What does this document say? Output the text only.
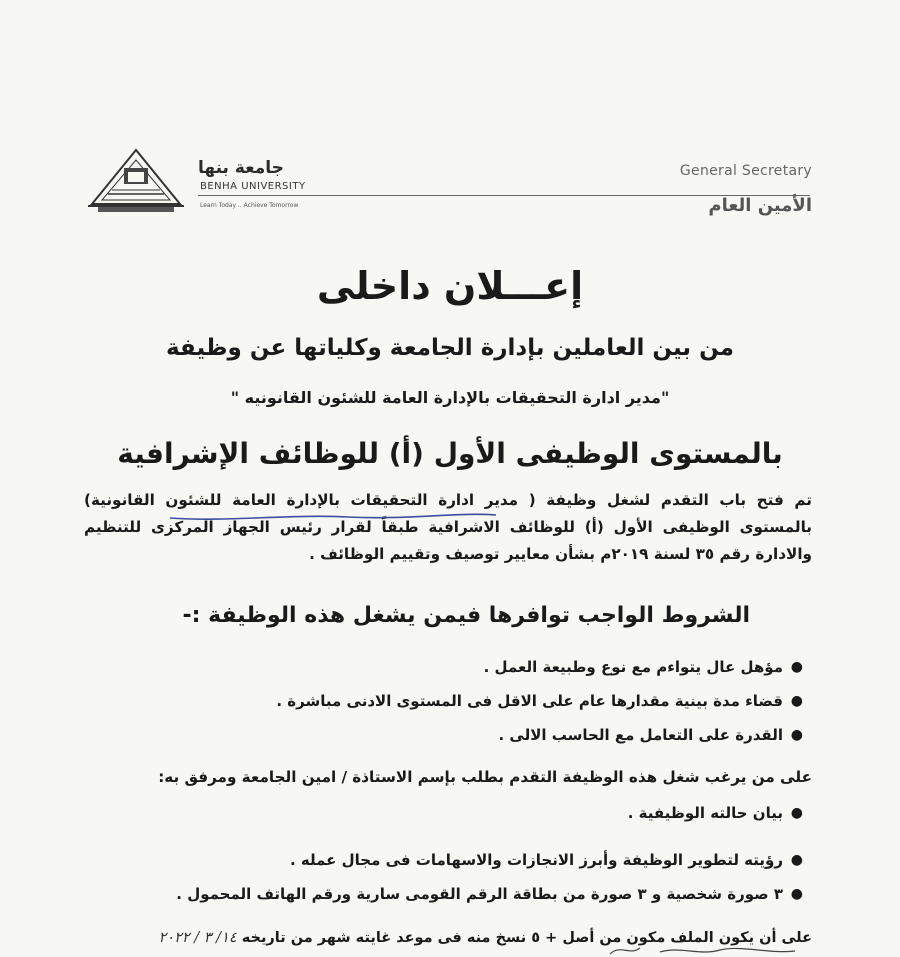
جامعة بنها
BENHA UNIVERSITY
Learn Today .. Achieve Tomorrow
General Secretary
الأمين العام
إعـــلان داخلى
من بين العاملين بإدارة الجامعة وكلياتها عن وظيفة
"مدير ادارة التحقيقات بالإدارة العامة للشئون القانونيه "
بالمستوى الوظيفى الأول (أ) للوظائف الإشرافية
تم فتح باب التقدم لشغل وظيفة ( مدير ادارة التحقيقات بالإدارة العامة للشئون القانونية) بالمستوى الوظيفى الأول (أ) للوظائف الاشرافية طبقاً لقرار رئيس الجهاز المركزى للتنظيم والادارة رقم ٣٥ لسنة ٢٠١٩م بشأن معايير توصيف وتقييم الوظائف .
الشروط الواجب توافرها فيمن يشغل هذه الوظيفة :-
●
مؤهل عال يتواءم مع نوع وطبيعة العمل .
●
قضاء مدة بينية مقدارها عام على الاقل فى المستوى الادنى مباشرة .
●
القدرة على التعامل مع الحاسب الالى .
على من يرغب شغل هذه الوظيفة التقدم بطلب بإسم الاستاذة / امين الجامعة ومرفق به:
●
بيان حالته الوظيفية .
●
رؤيته لتطوير الوظيفة وأبرز الانجازات والاسهامات فى مجال عمله .
●
٣ صورة شخصية و ٣ صورة من بطاقة الرقم القومى سارية ورقم الهاتف المحمول .
على أن يكون الملف مكون من أصل + ٥ نسخ منه فى موعد غايته شهر من تاريخه ١٤/ ٣ / ٢٠٢٢
